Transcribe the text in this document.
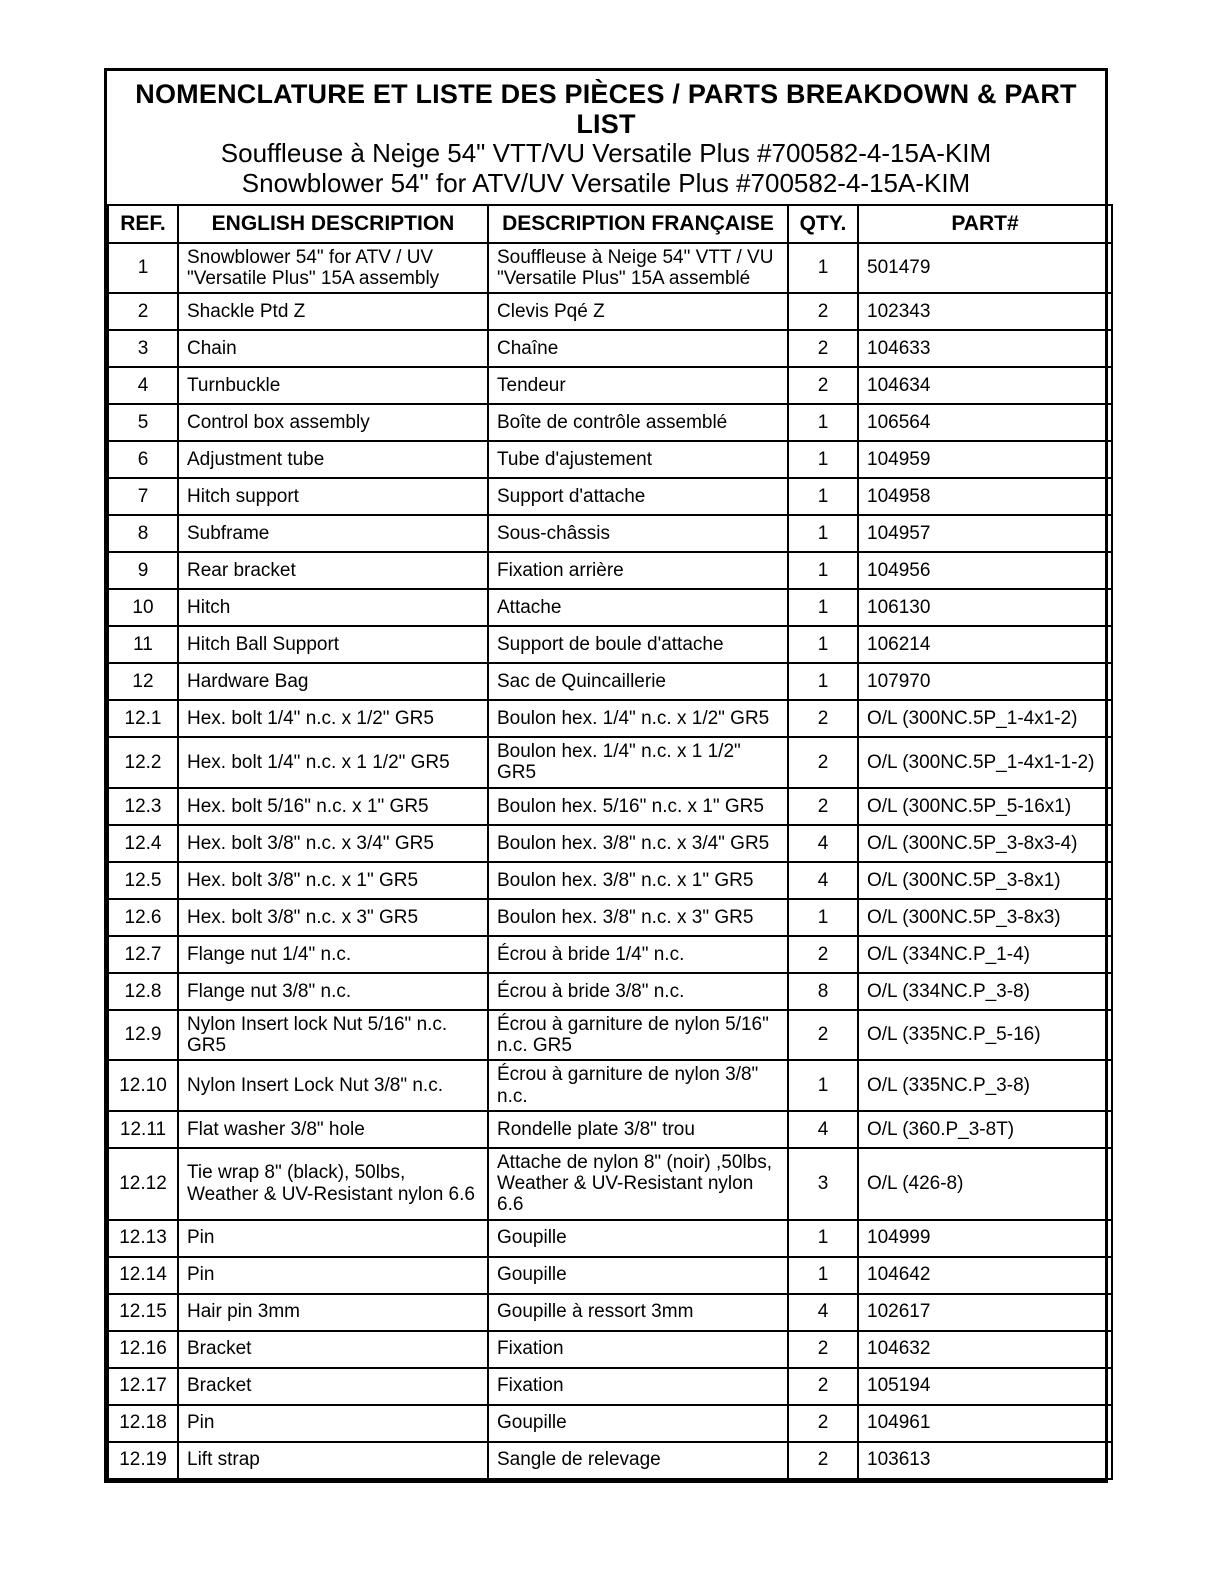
NOMENCLATURE ET LISTE DES PIÈCES / PARTS BREAKDOWN & PART LIST
Souffleuse à Neige 54" VTT/VU Versatile Plus #700582-4-15A-KIM
Snowblower 54" for ATV/UV Versatile Plus #700582-4-15A-KIM
REF.	ENGLISH DESCRIPTION	DESCRIPTION FRANÇAISE	QTY.	PART#
1	Snowblower 54" for ATV / UV "Versatile Plus" 15A assembly	Souffleuse à Neige 54" VTT / VU "Versatile Plus" 15A assemblé	1	501479
2	Shackle Ptd Z	Clevis Pqé Z	2	102343
3	Chain	Chaîne	2	104633
4	Turnbuckle	Tendeur	2	104634
5	Control box assembly	Boîte de contrôle assemblé	1	106564
6	Adjustment tube	Tube d'ajustement	1	104959
7	Hitch support	Support d'attache	1	104958
8	Subframe	Sous-châssis	1	104957
9	Rear bracket	Fixation arrière	1	104956
10	Hitch	Attache	1	106130
11	Hitch Ball Support	Support de boule d'attache	1	106214
12	Hardware Bag	Sac de Quincaillerie	1	107970
12.1	Hex. bolt 1/4" n.c. x 1/2" GR5	Boulon hex. 1/4" n.c. x 1/2" GR5	2	O/L (300NC.5P_1-4x1-2)
12.2	Hex. bolt 1/4" n.c. x 1 1/2" GR5	Boulon hex. 1/4" n.c. x 1 1/2" GR5	2	O/L (300NC.5P_1-4x1-1-2)
12.3	Hex. bolt 5/16" n.c. x 1" GR5	Boulon hex. 5/16" n.c. x 1" GR5	2	O/L (300NC.5P_5-16x1)
12.4	Hex. bolt 3/8" n.c. x 3/4" GR5	Boulon hex. 3/8" n.c. x 3/4" GR5	4	O/L (300NC.5P_3-8x3-4)
12.5	Hex. bolt 3/8" n.c. x 1" GR5	Boulon hex. 3/8" n.c. x 1" GR5	4	O/L (300NC.5P_3-8x1)
12.6	Hex. bolt 3/8" n.c. x 3" GR5	Boulon hex. 3/8" n.c. x 3" GR5	1	O/L (300NC.5P_3-8x3)
12.7	Flange nut 1/4" n.c.	Écrou à bride 1/4" n.c.	2	O/L (334NC.P_1-4)
12.8	Flange nut 3/8" n.c.	Écrou à bride 3/8" n.c.	8	O/L (334NC.P_3-8)
12.9	Nylon Insert lock Nut 5/16" n.c. GR5	Écrou à garniture de nylon 5/16" n.c. GR5	2	O/L (335NC.P_5-16)
12.10	Nylon Insert Lock Nut 3/8" n.c.	Écrou à garniture de nylon 3/8" n.c.	1	O/L (335NC.P_3-8)
12.11	Flat washer 3/8" hole	Rondelle plate 3/8" trou	4	O/L (360.P_3-8T)
12.12	Tie wrap 8" (black), 50lbs, Weather & UV-Resistant nylon 6.6	Attache de nylon 8" (noir) ,50lbs, Weather & UV-Resistant nylon 6.6	3	O/L (426-8)
12.13	Pin	Goupille	1	104999
12.14	Pin	Goupille	1	104642
12.15	Hair pin 3mm	Goupille à ressort 3mm	4	102617
12.16	Bracket	Fixation	2	104632
12.17	Bracket	Fixation	2	105194
12.18	Pin	Goupille	2	104961
12.19	Lift strap	Sangle de relevage	2	103613
